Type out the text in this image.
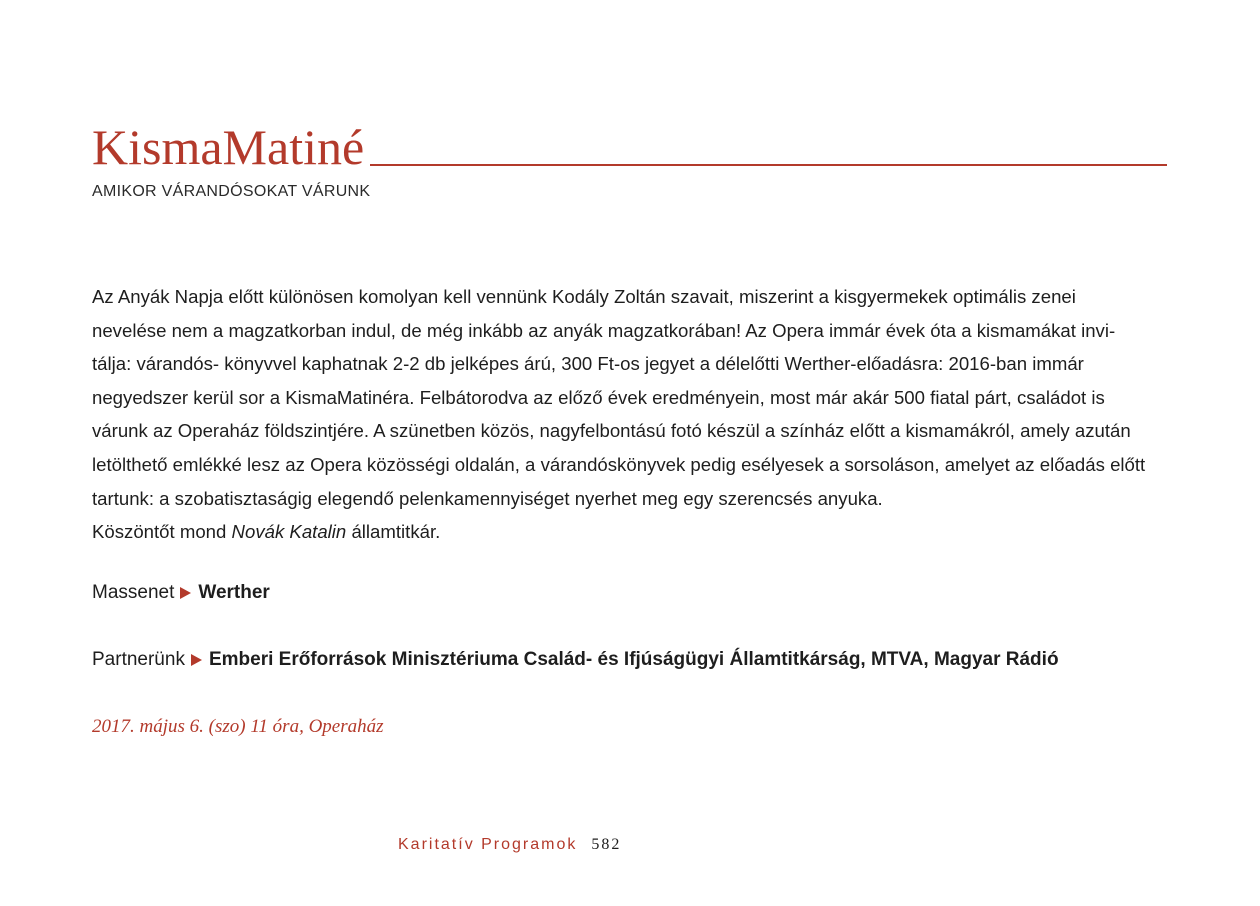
KismaMatiné
AMIKOR VÁRANDÓSOKAT VÁRUNK
Az Anyák Napja előtt különösen komolyan kell vennünk Kodály Zoltán szavait, miszerint a kisgyermekek optimális zenei
nevelése nem a magzatkorban indul, de még inkább az anyák magzatkorában! Az Opera immár évek óta a kismamákat invi-
tálja: várandós- könyvvel kaphatnak 2-2 db jelképes árú, 300 Ft-os jegyet a délelőtti Werther-előadásra: 2016-ban immár
negyedszer kerül sor a KismaMatinéra. Felbátorodva az előző évek eredményein, most már akár 500 fiatal párt, családot is
várunk az Operaház földszintjére. A szünetben közös, nagyfelbontású fotó készül a színház előtt a kismamákról, amely azután
letölthető emlékké lesz az Opera közösségi oldalán, a várandóskönyvek pedig esélyesek a sorsoláson, amelyet az előadás előtt
tartunk: a szobatisztaságig elegendő pelenkamennyiséget nyerhet meg egy szerencsés anyuka.
Köszöntőt mond Novák Katalin államtitkár.
Massenet Werther
Partnerünk Emberi Erőforrások Minisztériuma Család- és Ifjúságügyi Államtitkárság, MTVA, Magyar Rádió
2017. május 6. (szo) 11 óra, Operaház
Karitatív Programok 582
